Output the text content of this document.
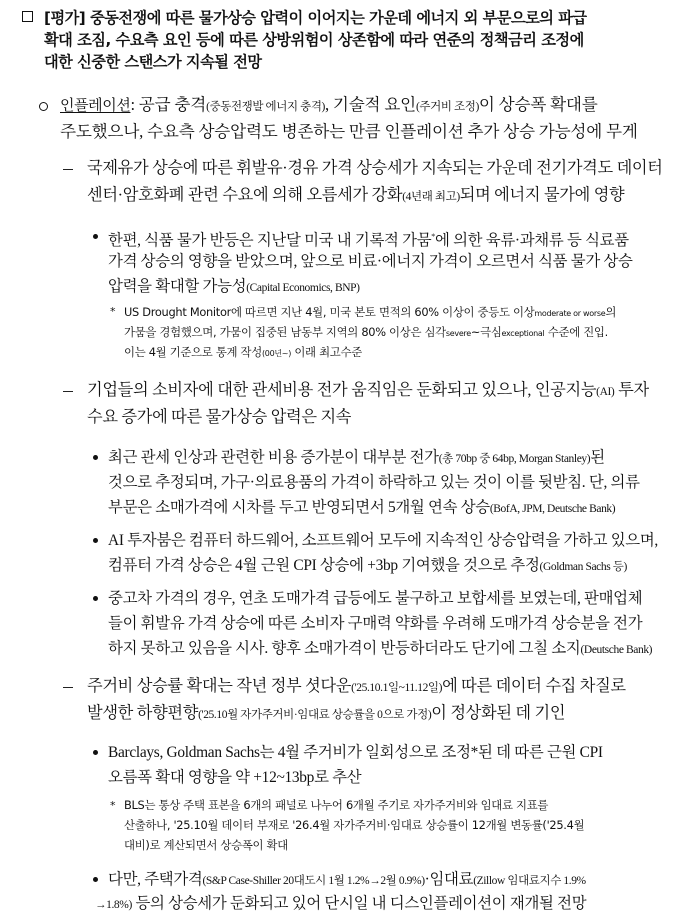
[평가] 중동전쟁에 따른 물가상승 압력이 이어지는 가운데 에너지 외 부문으로의 파급
확대 조짐, 수요측 요인 등에 따른 상방위험이 상존함에 따라 연준의 정책금리 조정에
대한 신중한 스탠스가 지속될 전망
인플레이션: 공급 충격(중동전쟁발 에너지 충격), 기술적 요인(주거비 조정)이 상승폭 확대를
주도했으나, 수요측 상승압력도 병존하는 만큼 인플레이션 추가 상승 가능성에 무게
국제유가 상승에 따른 휘발유·경유 가격 상승세가 지속되는 가운데 전기가격도 데이터
센터·암호화폐 관련 수요에 의해 오름세가 강화(4년래 최고)되며 에너지 물가에 영향
한편, 식품 물가 반등은 지난달 미국 내 기록적 가뭄*에 의한 육류·과채류 등 식료품
가격 상승의 영향을 받았으며, 앞으로 비료·에너지 가격이 오르면서 식품 물가 상승
압력을 확대할 가능성(Capital Economics, BNP)
* US Drought Monitor에 따르면 지난 4월, 미국 본토 면적의 60% 이상이 중등도 이상moderate or worse의
가뭄을 경험했으며, 가뭄이 집중된 남동부 지역의 80% 이상은 심각severe~극심exceptional 수준에 진입.
이는 4월 기준으로 통계 작성(00년~) 이래 최고수준
기업들의 소비자에 대한 관세비용 전가 움직임은 둔화되고 있으나, 인공지능(AI) 투자
수요 증가에 따른 물가상승 압력은 지속
최근 관세 인상과 관련한 비용 증가분이 대부분 전가(총 70bp 중 64bp, Morgan Stanley)된
것으로 추정되며, 가구·의료용품의 가격이 하락하고 있는 것이 이를 뒷받침. 단, 의류
부문은 소매가격에 시차를 두고 반영되면서 5개월 연속 상승(BofA, JPM, Deutsche Bank)
AI 투자붐은 컴퓨터 하드웨어, 소프트웨어 모두에 지속적인 상승압력을 가하고 있으며,
컴퓨터 가격 상승은 4월 근원 CPI 상승에 +3bp 기여했을 것으로 추정(Goldman Sachs 등)
중고차 가격의 경우, 연초 도매가격 급등에도 불구하고 보합세를 보였는데, 판매업체
들이 휘발유 가격 상승에 따른 소비자 구매력 약화를 우려해 도매가격 상승분을 전가
하지 못하고 있음을 시사. 향후 소매가격이 반등하더라도 단기에 그칠 소지(Deutsche Bank)
주거비 상승률 확대는 작년 정부 셧다운('25.10.1일~11.12일)에 따른 데이터 수집 차질로
발생한 하향편향('25.10월 자가주거비·임대료 상승률을 0으로 가정)이 정상화된 데 기인
Barclays, Goldman Sachs는 4월 주거비가 일회성으로 조정*된 데 따른 근원 CPI
오름폭 확대 영향을 약 +12~13bp로 추산
* BLS는 통상 주택 표본을 6개의 패널로 나누어 6개월 주기로 자가주거비와 임대료 지표를
산출하나, '25.10월 데이터 부재로 '26.4월 자가주거비·임대료 상승률이 12개월 변동률('25.4월
대비)로 계산되면서 상승폭이 확대
다만, 주택가격(S&P Case-Shiller 20대도시 1월 1.2%→2월 0.9%)·임대료(Zillow 임대료지수 1.9%
→1.8%) 등의 상승세가 둔화되고 있어 단시일 내 디스인플레이션이 재개될 전망
